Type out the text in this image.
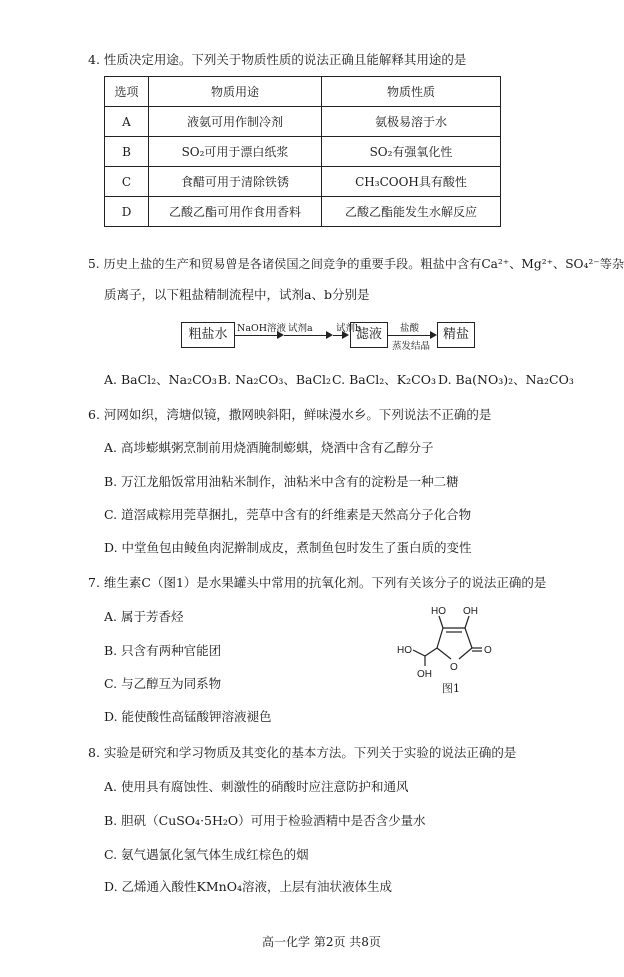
4. 性质决定用途。下列关于物质性质的说法正确且能解释其用途的是
选项	物质用途	物质性质
A	液氨可用作制冷剂	氨极易溶于水
B	SO₂可用于漂白纸浆	SO₂有强氧化性
C	食醋可用于清除铁锈	CH₃COOH具有酸性
D	乙酸乙酯可用作食用香料	乙酸乙酯能发生水解反应
5. 历史上盐的生产和贸易曾是各诸侯国之间竞争的重要手段。粗盐中含有Ca²⁺、Mg²⁺、SO₄²⁻等杂
质离子，以下粗盐精制流程中，试剂a、b分别是
粗盐水	NaOH溶液 试剂a 试剂b
滤液	盐酸
蒸发结晶
精盐
A. BaCl₂、Na₂CO₃ B. Na₂CO₃、BaCl₂ C. BaCl₂、K₂CO₃ D. Ba(NO₃)₂、Na₂CO₃
6. 河网如织，湾塘似镜，撒网映斜阳，鲜味漫水乡。下列说法不正确的是
A. 高埗蟛蜞粥烹制前用烧酒腌制蟛蜞，烧酒中含有乙醇分子
B. 万江龙船饭常用油粘米制作，油粘米中含有的淀粉是一种二糖
C. 道滘咸粽用莞草捆扎，莞草中含有的纤维素是天然高分子化合物
D. 中堂鱼包由鲮鱼肉泥擀制成皮，煮制鱼包时发生了蛋白质的变性
7. 维生素C（图1）是水果罐头中常用的抗氧化剂。下列有关该分子的说法正确的是
A. 属于芳香烃
B. 只含有两种官能团
C. 与乙醇互为同系物
D. 能使酸性高锰酸钾溶液褪色
HO OH
O
O
HO
OH
图1
8. 实验是研究和学习物质及其变化的基本方法。下列关于实验的说法正确的是
A. 使用具有腐蚀性、刺激性的硝酸时应注意防护和通风
B. 胆矾（CuSO₄·5H₂O）可用于检验酒精中是否含少量水
C. 氨气遇氯化氢气体生成红棕色的烟
D. 乙烯通入酸性KMnO₄溶液，上层有油状液体生成
高一化学 第2页 共8页
